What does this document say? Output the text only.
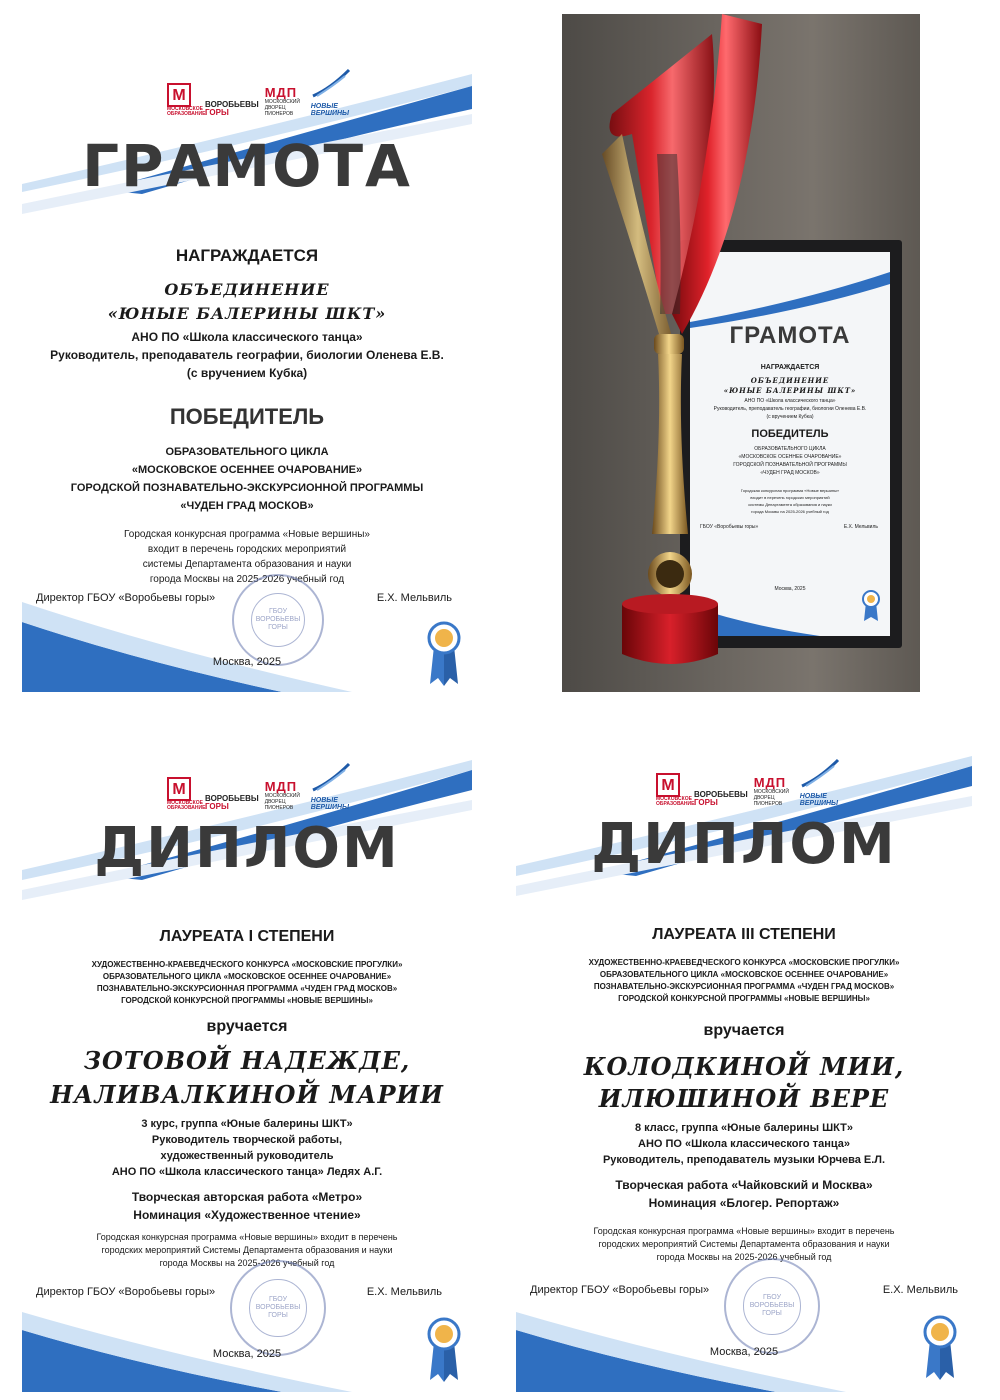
М
МОСКОВСКОЕ ОБРАЗОВАНИЕ
ВОРОБЬЕВЫ
ГОРЫ
МДП
МОСКОВСКИЙ ДВОРЕЦ ПИОНЕРОВ
НОВЫЕ ВЕРШИНЫ
ГРАМОТА
НАГРАЖДАЕТСЯ
ОБЪЕДИНЕНИЕ
«ЮНЫЕ БАЛЕРИНЫ ШКТ»
АНО ПО «Школа классического танца»
Руководитель, преподаватель географии, биологии Оленева Е.В.
(с вручением Кубка)
ПОБЕДИТЕЛЬ
ОБРАЗОВАТЕЛЬНОГО ЦИКЛА
«МОСКОВСКОЕ ОСЕННЕЕ ОЧАРОВАНИЕ»
ГОРОДСКОЙ ПОЗНАВАТЕЛЬНО-ЭКСКУРСИОННОЙ ПРОГРАММЫ
«ЧУДЕН ГРАД МОСКОВ»
Городская конкурсная программа «Новые вершины»
входит в перечень городских мероприятий
системы Департамента образования и науки
города Москвы на 2025-2026 учебный год
ГБОУ ВОРОБЬЕВЫ ГОРЫ
Директор ГБОУ «Воробьевы горы»	Е.Х. Мельвиль
Москва, 2025
ГРАМОТА
НАГРАЖДАЕТСЯ
ОБЪЕДИНЕНИЕ
«ЮНЫЕ БАЛЕРИНЫ ШКТ»
АНО ПО «Школа классического танца»
Руководитель, преподаватель географии, биологии Оленева Е.В.
(с вручением Кубка)
ПОБЕДИТЕЛЬ
ОБРАЗОВАТЕЛЬНОГО ЦИКЛА
«МОСКОВСКОЕ ОСЕННЕЕ ОЧАРОВАНИЕ»
ГОРОДСКОЙ ПОЗНАВАТЕЛЬНОЙ ПРОГРАММЫ
«ЧУДЕН ГРАД МОСКОВ»
Городская конкурсная программа «Новые вершины»
входит в перечень городских мероприятий
системы Департамента образования и науки
города Москвы на 2025-2026 учебный год
ГБОУ «Воробьевы горы»	Е.Х. Мельвиль
Москва, 2025
М
МОСКОВСКОЕ ОБРАЗОВАНИЕ
ВОРОБЬЕВЫ
ГОРЫ
МДП
МОСКОВСКИЙ ДВОРЕЦ ПИОНЕРОВ
НОВЫЕ ВЕРШИНЫ
ДИПЛОМ
ЛАУРЕАТА I СТЕПЕНИ
ХУДОЖЕСТВЕННО-КРАЕВЕДЧЕСКОГО КОНКУРСА «МОСКОВСКИЕ ПРОГУЛКИ»
ОБРАЗОВАТЕЛЬНОГО ЦИКЛА «МОСКОВСКОЕ ОСЕННЕЕ ОЧАРОВАНИЕ»
ПОЗНАВАТЕЛЬНО-ЭКСКУРСИОННАЯ ПРОГРАММА «ЧУДЕН ГРАД МОСКОВ»
ГОРОДСКОЙ КОНКУРСНОЙ ПРОГРАММЫ «НОВЫЕ ВЕРШИНЫ»
вручается
ЗОТОВОЙ НАДЕЖДЕ,
НАЛИВАЛКИНОЙ МАРИИ
3 курс, группа «Юные балерины ШКТ»
Руководитель творческой работы,
художественный руководитель
АНО ПО «Школа классического танца» Ледях А.Г.
Творческая авторская работа «Метро»
Номинация «Художественное чтение»
Городская конкурсная программа «Новые вершины» входит в перечень
городских мероприятий Системы Департамента образования и науки
города Москвы на 2025-2026 учебный год
ГБОУ ВОРОБЬЕВЫ ГОРЫ
Директор ГБОУ «Воробьевы горы»	Е.Х. Мельвиль
Москва, 2025
М
МОСКОВСКОЕ ОБРАЗОВАНИЕ
ВОРОБЬЕВЫ
ГОРЫ
МДП
МОСКОВСКИЙ ДВОРЕЦ ПИОНЕРОВ
НОВЫЕ ВЕРШИНЫ
ДИПЛОМ
ЛАУРЕАТА III СТЕПЕНИ
ХУДОЖЕСТВЕННО-КРАЕВЕДЧЕСКОГО КОНКУРСА «МОСКОВСКИЕ ПРОГУЛКИ»
ОБРАЗОВАТЕЛЬНОГО ЦИКЛА «МОСКОВСКОЕ ОСЕННЕЕ ОЧАРОВАНИЕ»
ПОЗНАВАТЕЛЬНО-ЭКСКУРСИОННАЯ ПРОГРАММА «ЧУДЕН ГРАД МОСКОВ»
ГОРОДСКОЙ КОНКУРСНОЙ ПРОГРАММЫ «НОВЫЕ ВЕРШИНЫ»
вручается
КОЛОДКИНОЙ МИИ,
ИЛЮШИНОЙ ВЕРЕ
8 класс, группа «Юные балерины ШКТ»
АНО ПО «Школа классического танца»
Руководитель, преподаватель музыки Юрчева Е.Л.
Творческая работа «Чайковский и Москва»
Номинация «Блогер. Репортаж»
Городская конкурсная программа «Новые вершины» входит в перечень
городских мероприятий Системы Департамента образования и науки
города Москвы на 2025-2026 учебный год
ГБОУ ВОРОБЬЕВЫ ГОРЫ
Директор ГБОУ «Воробьевы горы»	Е.Х. Мельвиль
Москва, 2025
